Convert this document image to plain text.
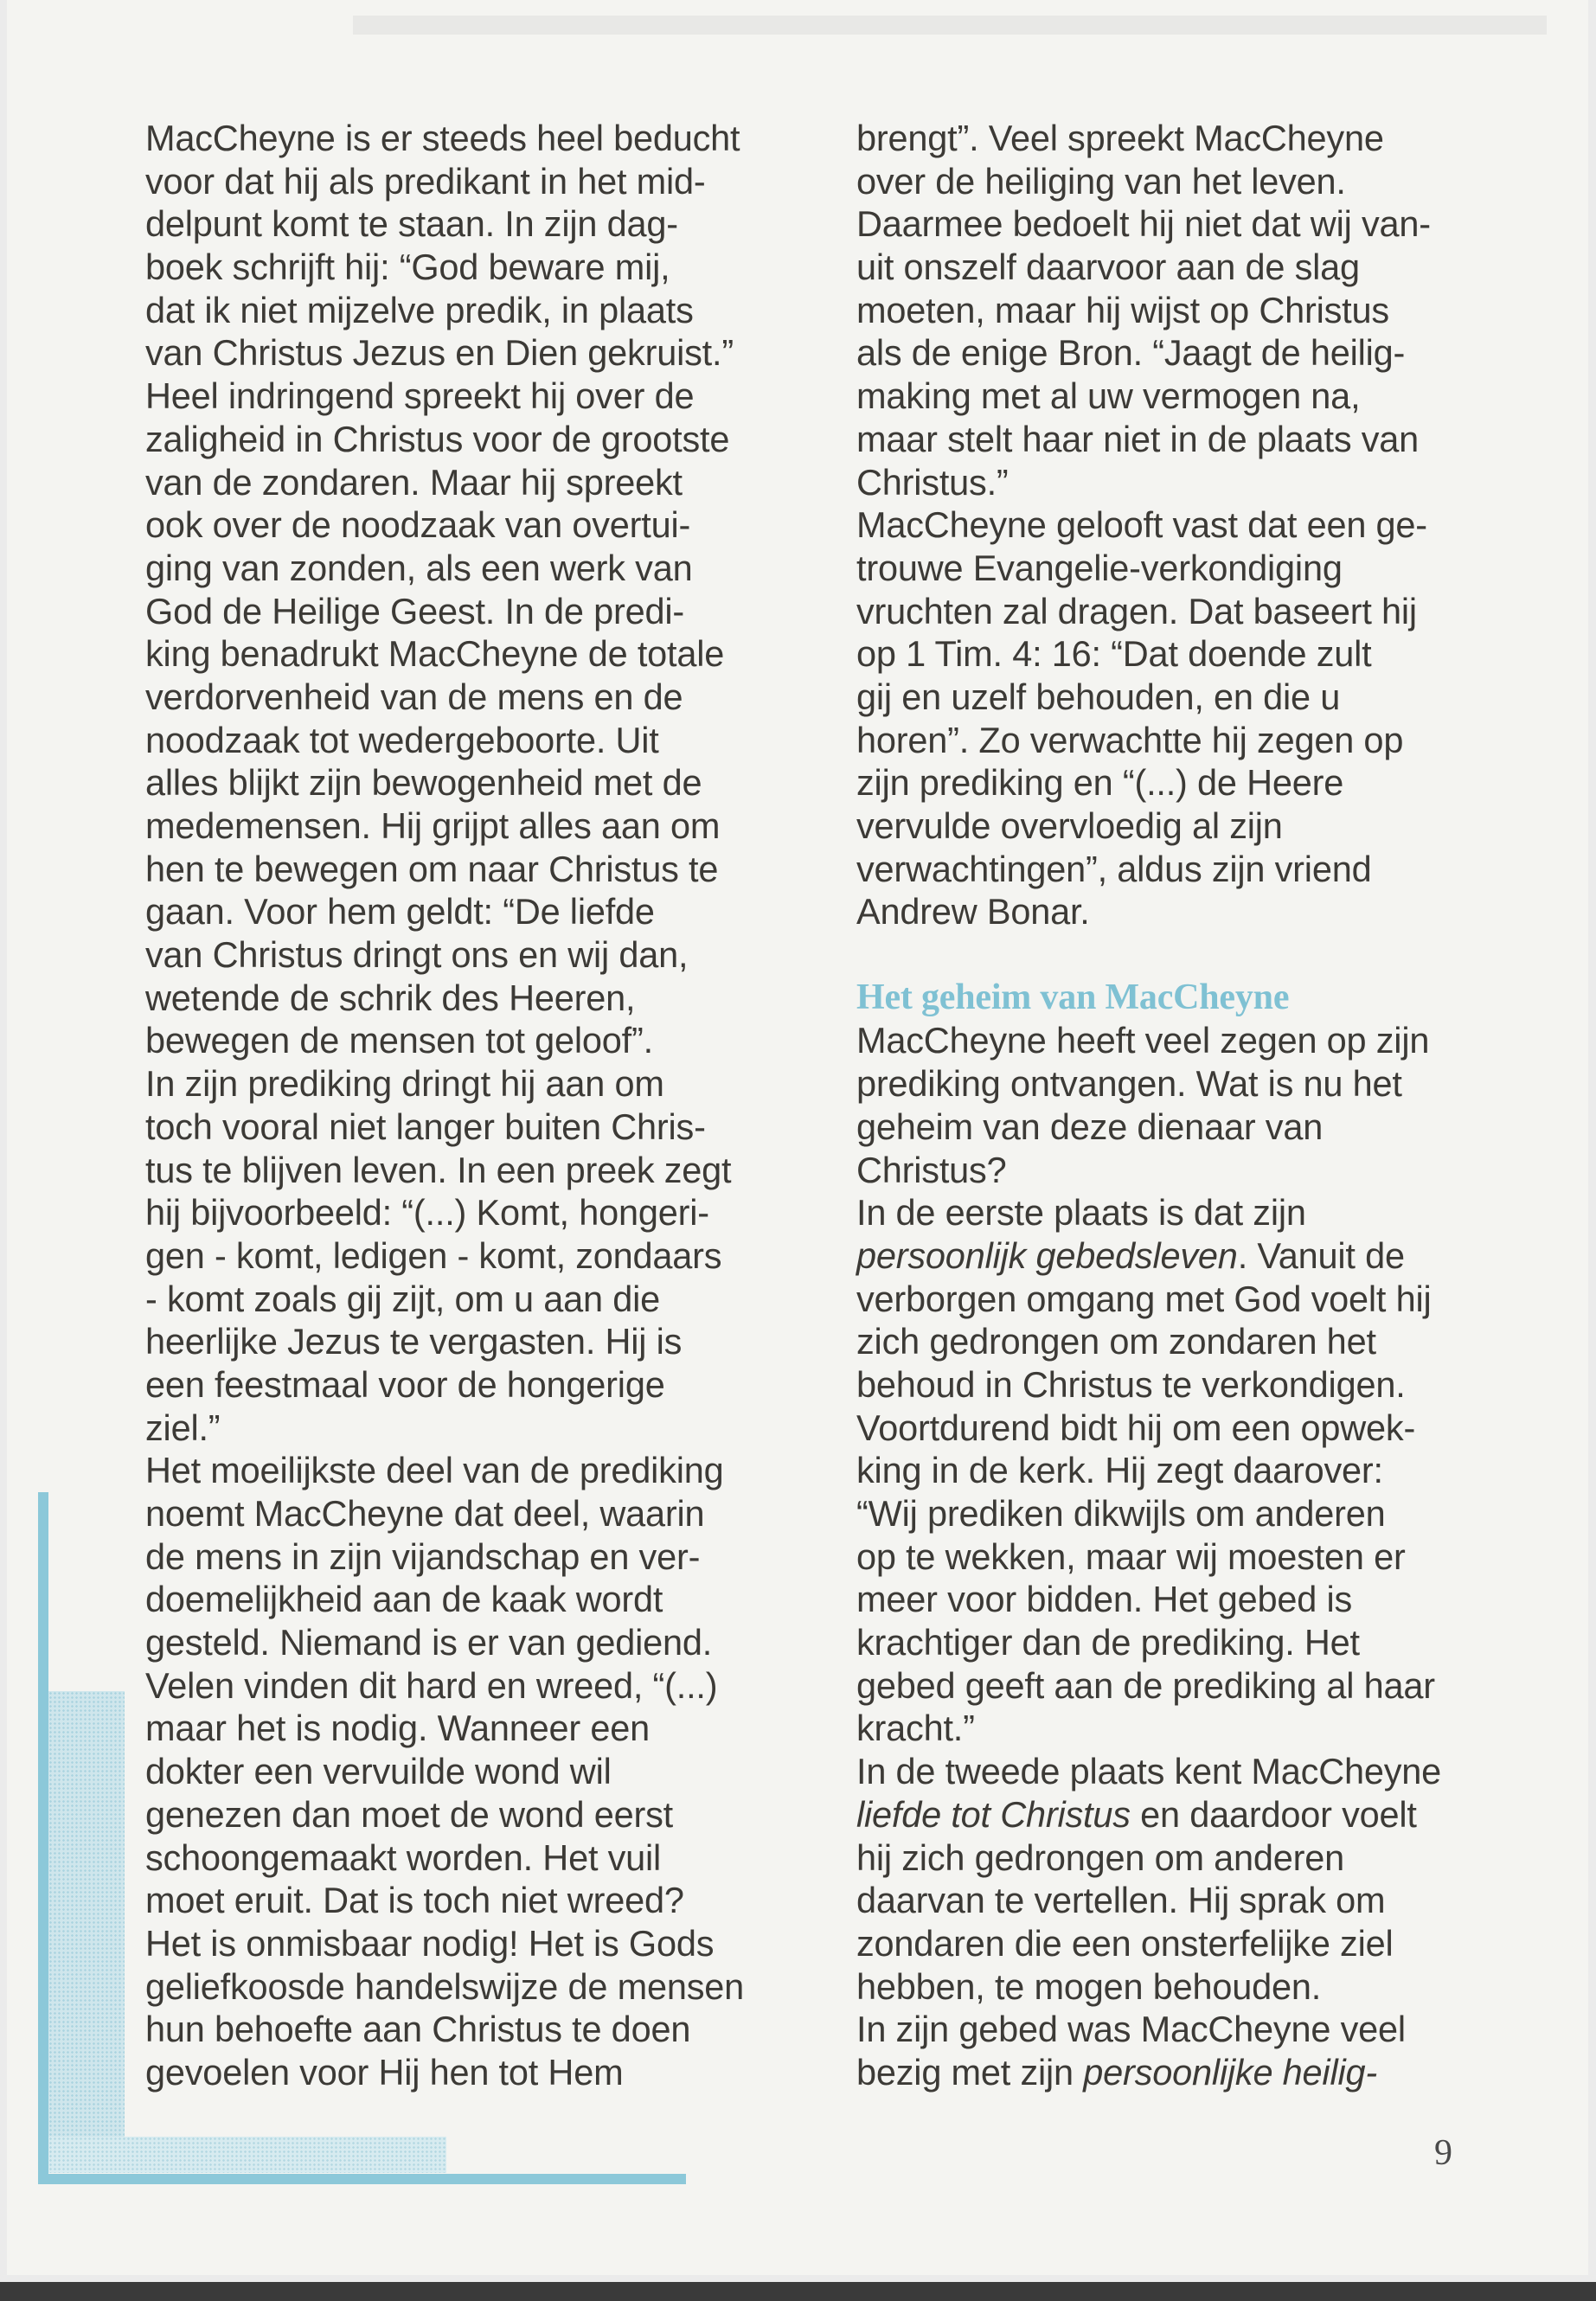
MacCheyne is er steeds heel beducht
voor dat hij als predikant in het mid-
delpunt komt te staan. In zijn dag-
boek schrijft hij: “God beware mij,
dat ik niet mijzelve predik, in plaats
van Christus Jezus en Dien gekruist.”
Heel indringend spreekt hij over de
zaligheid in Christus voor de grootste
van de zondaren. Maar hij spreekt
ook over de noodzaak van overtui-
ging van zonden, als een werk van
God de Heilige Geest. In de predi-
king benadrukt MacCheyne de totale
verdorvenheid van de mens en de
noodzaak tot wedergeboorte. Uit
alles blijkt zijn bewogenheid met de
medemensen. Hij grijpt alles aan om
hen te bewegen om naar Christus te
gaan. Voor hem geldt: “De liefde
van Christus dringt ons en wij dan,
wetende de schrik des Heeren,
bewegen de mensen tot geloof”.
In zijn prediking dringt hij aan om
toch vooral niet langer buiten Chris-
tus te blijven leven. In een preek zegt
hij bijvoorbeeld: “(...) Komt, hongeri-
gen - komt, ledigen - komt, zondaars
- komt zoals gij zijt, om u aan die
heerlijke Jezus te vergasten. Hij is
een feestmaal voor de hongerige
ziel.”
Het moeilijkste deel van de prediking
noemt MacCheyne dat deel, waarin
de mens in zijn vijandschap en ver-
doemelijkheid aan de kaak wordt
gesteld. Niemand is er van gediend.
Velen vinden dit hard en wreed, “(...)
maar het is nodig. Wanneer een
dokter een vervuilde wond wil
genezen dan moet de wond eerst
schoongemaakt worden. Het vuil
moet eruit. Dat is toch niet wreed?
Het is onmisbaar nodig! Het is Gods
geliefkoosde handelswijze de mensen
hun behoefte aan Christus te doen
gevoelen voor Hij hen tot Hem
brengt”. Veel spreekt MacCheyne
over de heiliging van het leven.
Daarmee bedoelt hij niet dat wij van-
uit onszelf daarvoor aan de slag
moeten, maar hij wijst op Christus
als de enige Bron. “Jaagt de heilig-
making met al uw vermogen na,
maar stelt haar niet in de plaats van
Christus.”
MacCheyne gelooft vast dat een ge-
trouwe Evangelie-verkondiging
vruchten zal dragen. Dat baseert hij
op 1 Tim. 4: 16: “Dat doende zult
gij en uzelf behouden, en die u
horen”. Zo verwachtte hij zegen op
zijn prediking en “(...) de Heere
vervulde overvloedig al zijn
verwachtingen”, aldus zijn vriend
Andrew Bonar.
Het geheim van MacCheyne
MacCheyne heeft veel zegen op zijn
prediking ontvangen. Wat is nu het
geheim van deze dienaar van
Christus?
In de eerste plaats is dat zijn
persoonlijk gebedsleven. Vanuit de
verborgen omgang met God voelt hij
zich gedrongen om zondaren het
behoud in Christus te verkondigen.
Voortdurend bidt hij om een opwek-
king in de kerk. Hij zegt daarover:
“Wij prediken dikwijls om anderen
op te wekken, maar wij moesten er
meer voor bidden. Het gebed is
krachtiger dan de prediking. Het
gebed geeft aan de prediking al haar
kracht.”
In de tweede plaats kent MacCheyne
liefde tot Christus en daardoor voelt
hij zich gedrongen om anderen
daarvan te vertellen. Hij sprak om
zondaren die een onsterfelijke ziel
hebben, te mogen behouden.
In zijn gebed was MacCheyne veel
bezig met zijn persoonlijke heilig-
9
